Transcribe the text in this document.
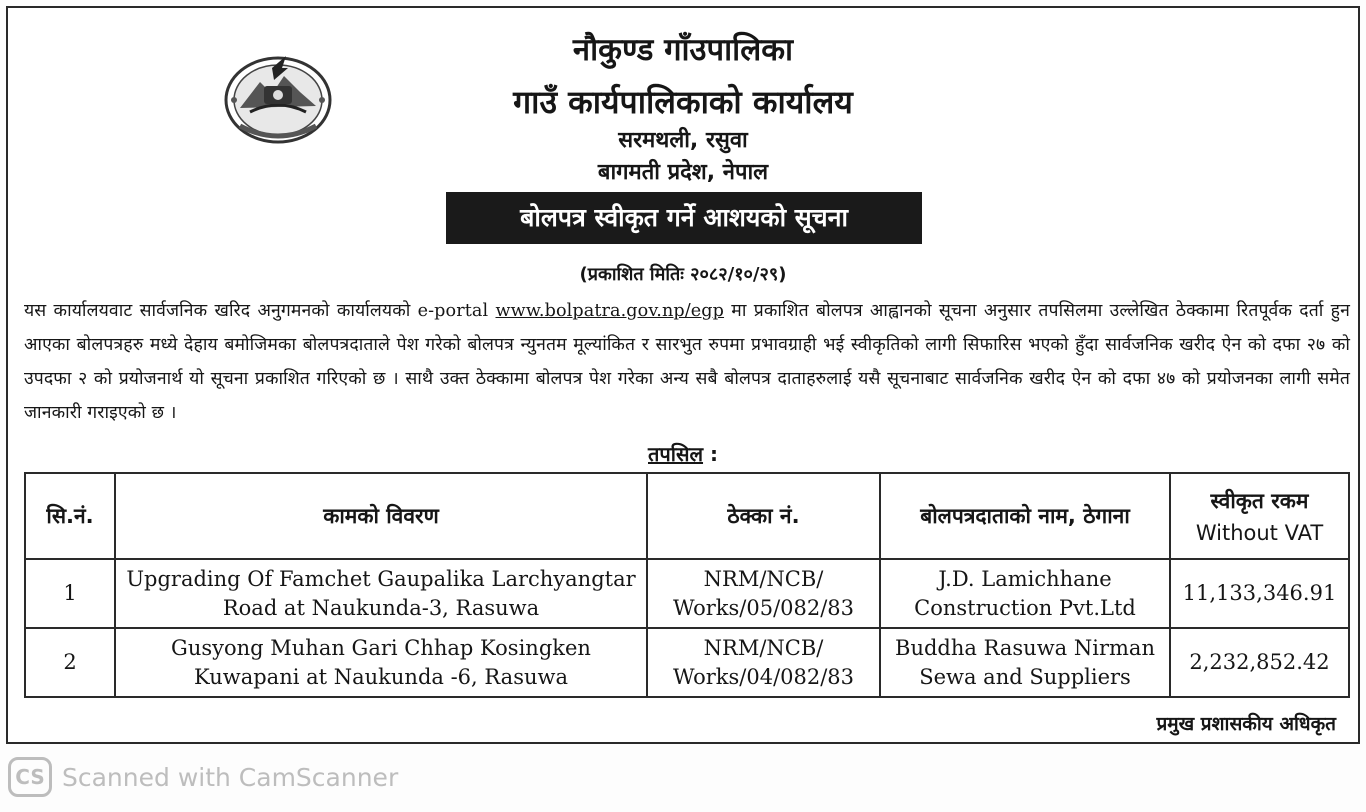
नौकुण्ड गाँउपालिका
गाउँ कार्यपालिकाको कार्यालय
सरमथली, रसुवा
बागमती प्रदेश, नेपाल
बोलपत्र स्वीकृत गर्ने आशयको सूचना
(प्रकाशित मितिः २०८२/१०/२९)
यस कार्यालयवाट सार्वजनिक खरिद अनुगमनको कार्यालयको e-portal www.bolpatra.gov.np/egp मा प्रकाशित बोलपत्र आह्वानको सूचना अनुसार तपसिलमा उल्लेखित ठेक्कामा रितपूर्वक दर्ता हुन आएका बोलपत्रहरु मध्ये देहाय बमोजिमका बोलपत्रदाताले पेश गरेको बोलपत्र न्युनतम मूल्यांकित र सारभुत रुपमा प्रभावग्राही भई स्वीकृतिको लागी सिफारिस भएको हुँदा सार्वजनिक खरीद ऐन को दफा २७ को उपदफा २ को प्रयोजनार्थ यो सूचना प्रकाशित गरिएको छ । साथै उक्त ठेक्कामा बोलपत्र पेश गरेका अन्य सबै बोलपत्र दाताहरुलाई यसै सूचनाबाट सार्वजनिक खरीद ऐन को दफा ४७ को प्रयोजनका लागी समेत जानकारी गराइएको छ ।
तपसिल :
सि.नं.	कामको विवरण	ठेक्का नं.	बोलपत्रदाताको नाम, ठेगाना	स्वीकृत रकम
Without VAT

1	Upgrading Of Famchet Gaupalika Larchyangtar
Road at Naukunda-3, Rasuwa	NRM/NCB/
Works/05/082/83	J.D. Lamichhane
Construction Pvt.Ltd	11,133,346.91
2	Gusyong Muhan Gari Chhap Kosingken
Kuwapani at Naukunda -6, Rasuwa	NRM/NCB/
Works/04/082/83	Buddha Rasuwa Nirman
Sewa and Suppliers	2,232,852.42
प्रमुख प्रशासकीय अधिकृत
CS Scanned with CamScanner
